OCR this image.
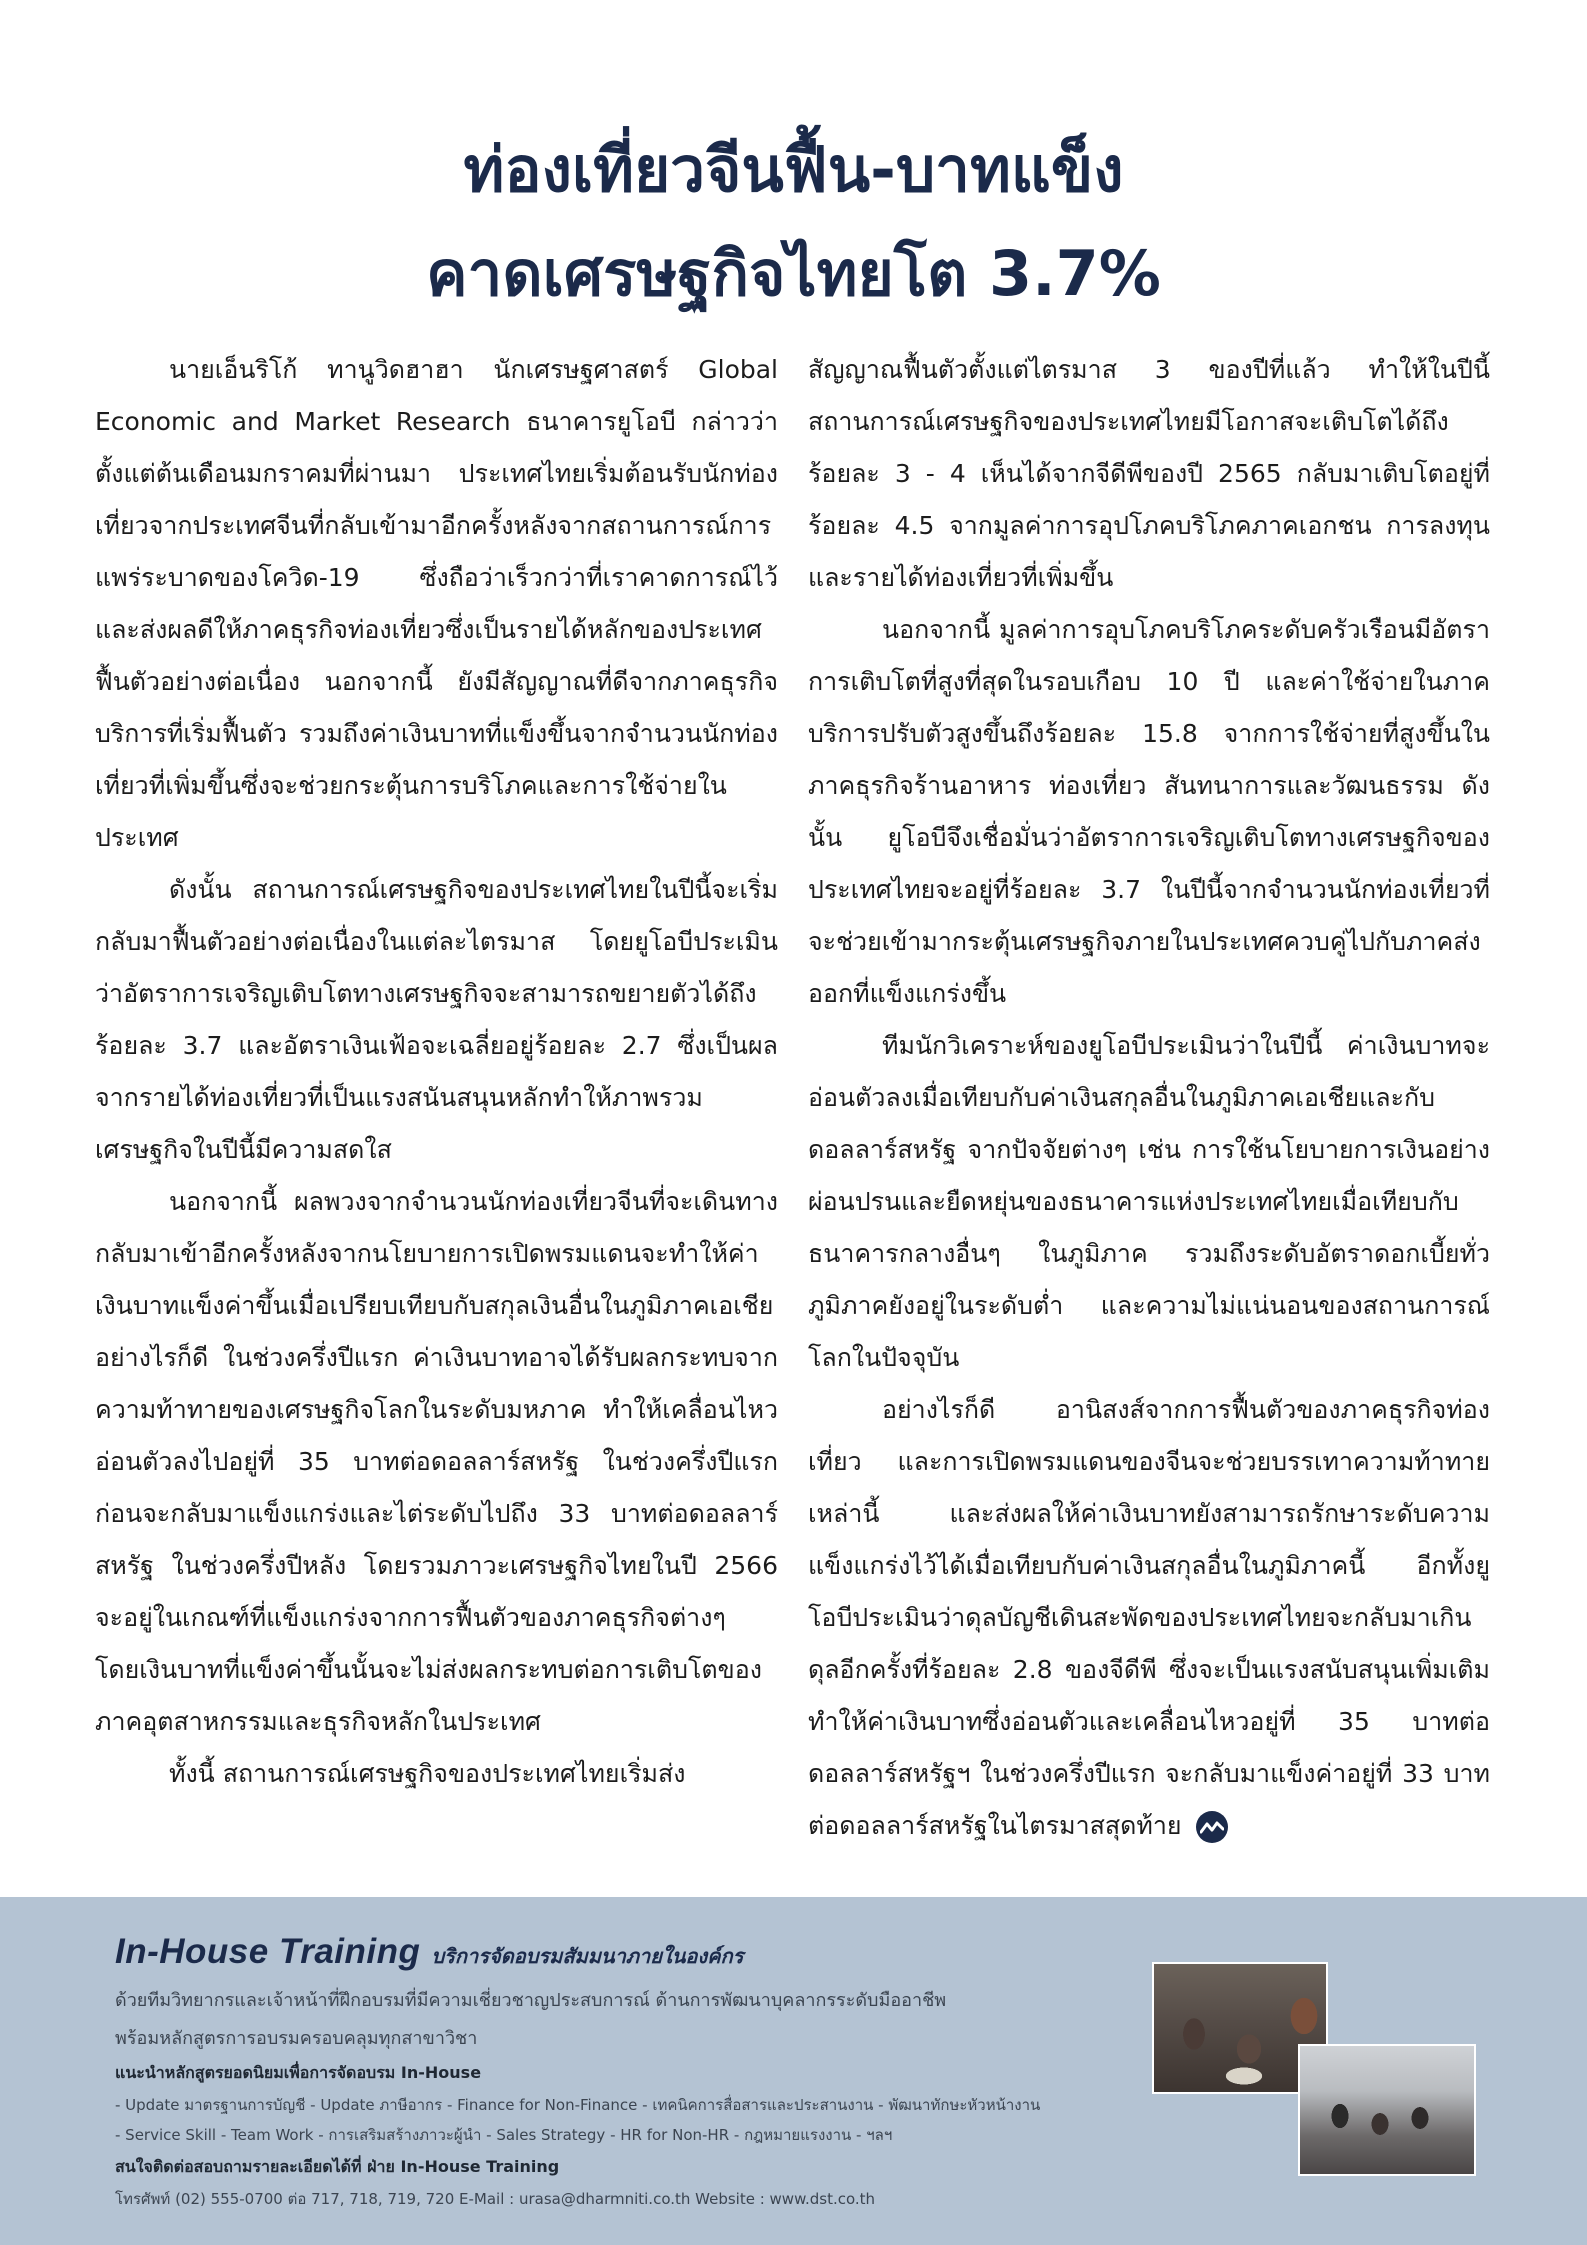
ท่องเที่ยวจีนฟื้น-บาทแข็ง
คาดเศรษฐกิจไทยโต 3.7%

นายเอ็นริโก้ ทานูวิดฮาฮา นักเศรษฐศาสตร์ Global Economic and Market Research ธนาคารยูโอบี กล่าวว่า ตั้งแต่ต้นเดือนมกราคมที่ผ่านมา ประเทศไทยเริ่มต้อนรับนักท่องเที่ยวจากประเทศจีนที่กลับเข้ามาอีกครั้งหลังจากสถานการณ์การแพร่ระบาดของโควิด-19 ซึ่งถือว่าเร็วกว่าที่เราคาดการณ์ไว้ และส่งผลดีให้ภาคธุรกิจท่องเที่ยวซึ่งเป็นรายได้หลักของประเทศฟื้นตัวอย่างต่อเนื่อง นอกจากนี้ ยังมีสัญญาณที่ดีจากภาคธุรกิจบริการที่เริ่มฟื้นตัว รวมถึงค่าเงินบาทที่แข็งขึ้นจากจำนวนนักท่องเที่ยวที่เพิ่มขึ้นซึ่งจะช่วยกระตุ้นการบริโภคและการใช้จ่ายในประเทศ

ดังนั้น สถานการณ์เศรษฐกิจของประเทศไทยในปีนี้จะเริ่มกลับมาฟื้นตัวอย่างต่อเนื่องในแต่ละไตรมาส โดยยูโอบีประเมินว่าอัตราการเจริญเติบโตทางเศรษฐกิจจะสามารถขยายตัวได้ถึงร้อยละ 3.7 และอัตราเงินเฟ้อจะเฉลี่ยอยู่ร้อยละ 2.7 ซึ่งเป็นผลจากรายได้ท่องเที่ยวที่เป็นแรงสนันสนุนหลักทำให้ภาพรวมเศรษฐกิจในปีนี้มีความสดใส

นอกจากนี้ ผลพวงจากจำนวนนักท่องเที่ยวจีนที่จะเดินทางกลับมาเข้าอีกครั้งหลังจากนโยบายการเปิดพรมแดนจะทำให้ค่าเงินบาทแข็งค่าขึ้นเมื่อเปรียบเทียบกับสกุลเงินอื่นในภูมิภาคเอเชีย อย่างไรก็ดี ในช่วงครึ่งปีแรก ค่าเงินบาทอาจได้รับผลกระทบจากความท้าทายของเศรษฐกิจโลกในระดับมหภาค ทำให้เคลื่อนไหวอ่อนตัวลงไปอยู่ที่ 35 บาทต่อดอลลาร์สหรัฐ ในช่วงครึ่งปีแรก ก่อนจะกลับมาแข็งแกร่งและไต่ระดับไปถึง 33 บาทต่อดอลลาร์สหรัฐ ในช่วงครึ่งปีหลัง โดยรวมภาวะเศรษฐกิจไทยในปี 2566 จะอยู่ในเกณฑ์ที่แข็งแกร่งจากการฟื้นตัวของภาคธุรกิจต่างๆ โดยเงินบาทที่แข็งค่าขึ้นนั้นจะไม่ส่งผลกระทบต่อการเติบโตของภาคอุตสาหกรรมและธุรกิจหลักในประเทศ

ทั้งนี้ สถานการณ์เศรษฐกิจของประเทศไทยเริ่มส่ง

สัญญาณฟื้นตัวตั้งแต่ไตรมาส 3 ของปีที่แล้ว ทำให้ในปีนี้สถานการณ์เศรษฐกิจของประเทศไทยมีโอกาสจะเติบโตได้ถึงร้อยละ 3 - 4 เห็นได้จากจีดีพีของปี 2565 กลับมาเติบโตอยู่ที่ร้อยละ 4.5 จากมูลค่าการอุปโภคบริโภคภาคเอกชน การลงทุนและรายได้ท่องเที่ยวที่เพิ่มขึ้น

นอกจากนี้ มูลค่าการอุบโภคบริโภคระดับครัวเรือนมีอัตราการเติบโตที่สูงที่สุดในรอบเกือบ 10 ปี และค่าใช้จ่ายในภาคบริการปรับตัวสูงขึ้นถึงร้อยละ 15.8 จากการใช้จ่ายที่สูงขึ้นในภาคธุรกิจร้านอาหาร ท่องเที่ยว สันทนาการและวัฒนธรรม ดังนั้น ยูโอบีจึงเชื่อมั่นว่าอัตราการเจริญเติบโตทางเศรษฐกิจของประเทศไทยจะอยู่ที่ร้อยละ 3.7 ในปีนี้จากจำนวนนักท่องเที่ยวที่จะช่วยเข้ามากระตุ้นเศรษฐกิจภายในประเทศควบคู่ไปกับภาคส่งออกที่แข็งแกร่งขึ้น

ทีมนักวิเคราะห์ของยูโอบีประเมินว่าในปีนี้ ค่าเงินบาทจะอ่อนตัวลงเมื่อเทียบกับค่าเงินสกุลอื่นในภูมิภาคเอเชียและกับดอลลาร์สหรัฐ จากปัจจัยต่างๆ เช่น การใช้นโยบายการเงินอย่างผ่อนปรนและยืดหยุ่นของธนาคารแห่งประเทศไทยเมื่อเทียบกับธนาคารกลางอื่นๆ ในภูมิภาค รวมถึงระดับอัตราดอกเบี้ยทั่วภูมิภาคยังอยู่ในระดับต่ำ และความไม่แน่นอนของสถานการณ์โลกในปัจจุบัน

อย่างไรก็ดี อานิสงส์จากการฟื้นตัวของภาคธุรกิจท่องเที่ยว และการเปิดพรมแดนของจีนจะช่วยบรรเทาความท้าทายเหล่านี้ และส่งผลให้ค่าเงินบาทยังสามารถรักษาระดับความแข็งแกร่งไว้ได้เมื่อเทียบกับค่าเงินสกุลอื่นในภูมิภาคนี้ อีกทั้งยูโอบีประเมินว่าดุลบัญชีเดินสะพัดของประเทศไทยจะกลับมาเกินดุลอีกครั้งที่ร้อยละ 2.8 ของจีดีพี ซึ่งจะเป็นแรงสนับสนุนเพิ่มเติมทำให้ค่าเงินบาทซึ่งอ่อนตัวและเคลื่อนไหวอยู่ที่ 35 บาทต่อดอลลาร์สหรัฐฯ ในช่วงครึ่งปีแรก จะกลับมาแข็งค่าอยู่ที่ 33 บาทต่อดอลลาร์สหรัฐในไตรมาสสุดท้าย

In-House Training บริการจัดอบรมสัมมนาภายในองค์กร
ด้วยทีมวิทยากรและเจ้าหน้าที่ฝึกอบรมที่มีความเชี่ยวชาญประสบการณ์ ด้านการพัฒนาบุคลากรระดับมืออาชีพ
พร้อมหลักสูตรการอบรมครอบคลุมทุกสาขาวิชา
แนะนำหลักสูตรยอดนิยมเพื่อการจัดอบรม In-House
- Update มาตรฐานการบัญชี - Update ภาษีอากร - Finance for Non-Finance - เทคนิคการสื่อสารและประสานงาน - พัฒนาทักษะหัวหน้างาน
- Service Skill - Team Work - การเสริมสร้างภาวะผู้นำ - Sales Strategy - HR for Non-HR - กฎหมายแรงงาน - ฯลฯ
สนใจติดต่อสอบถามรายละเอียดได้ที่ ฝ่าย In-House Training
โทรศัพท์ (02) 555-0700 ต่อ 717, 718, 719, 720 E-Mail : urasa@dharmniti.co.th Website : www.dst.co.th
